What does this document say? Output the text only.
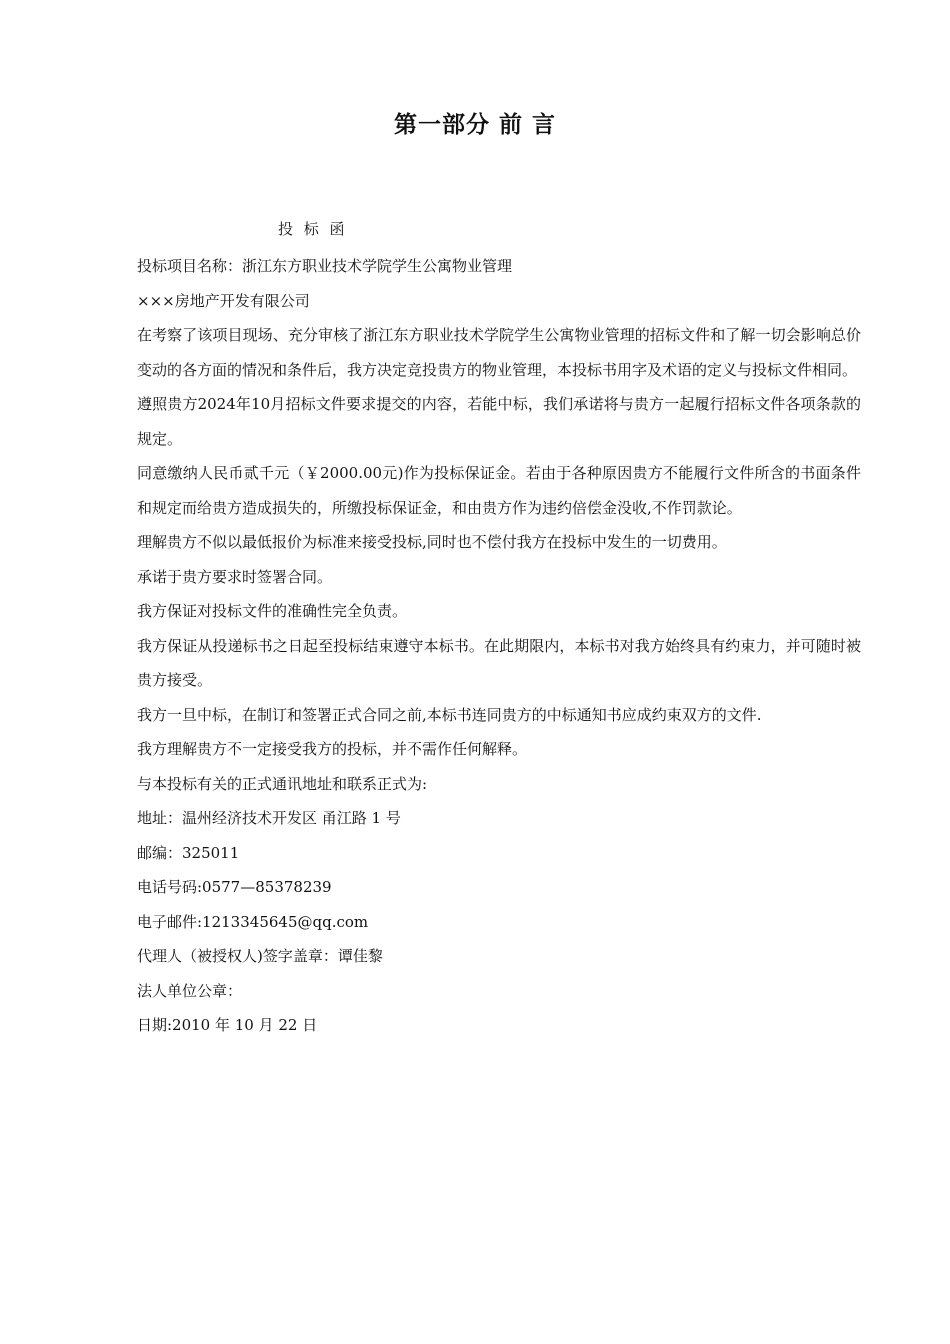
第一部分 前 言
投 标 函

投标项目名称：浙江东方职业技术学院学生公寓物业管理

×××房地产开发有限公司

在考察了该项目现场、充分审核了浙江东方职业技术学院学生公寓物业管理的招标文件和了解一切会影响总价变动的各方面的情况和条件后，我方决定竞投贵方的物业管理，本投标书用字及术语的定义与投标文件相同。

遵照贵方2024年10月招标文件要求提交的内容，若能中标，我们承诺将与贵方一起履行招标文件各项条款的规定。

同意缴纳人民币贰千元（￥2000.00元)作为投标保证金。若由于各种原因贵方不能履行文件所含的书面条件和规定而给贵方造成损失的，所缴投标保证金，和由贵方作为违约倍偿金没收,不作罚款论。

理解贵方不似以最低报价为标准来接受投标,同时也不偿付我方在投标中发生的一切费用。

承诺于贵方要求时签署合同。

我方保证对投标文件的准确性完全负责。

我方保证从投递标书之日起至投标结束遵守本标书。在此期限内，本标书对我方始终具有约束力，并可随时被贵方接受。

我方一旦中标，在制订和签署正式合同之前,本标书连同贵方的中标通知书应成约束双方的文件.

我方理解贵方不一定接受我方的投标，并不需作任何解释。

与本投标有关的正式通讯地址和联系正式为:

地址：温州经济技术开发区 甬江路 1 号

邮编：325011

电话号码:0577—85378239

电子邮件:1213345645@qq.com

代理人（被授权人)签字盖章：谭佳黎

法人单位公章：

日期:2010 年 10 月 22 日
